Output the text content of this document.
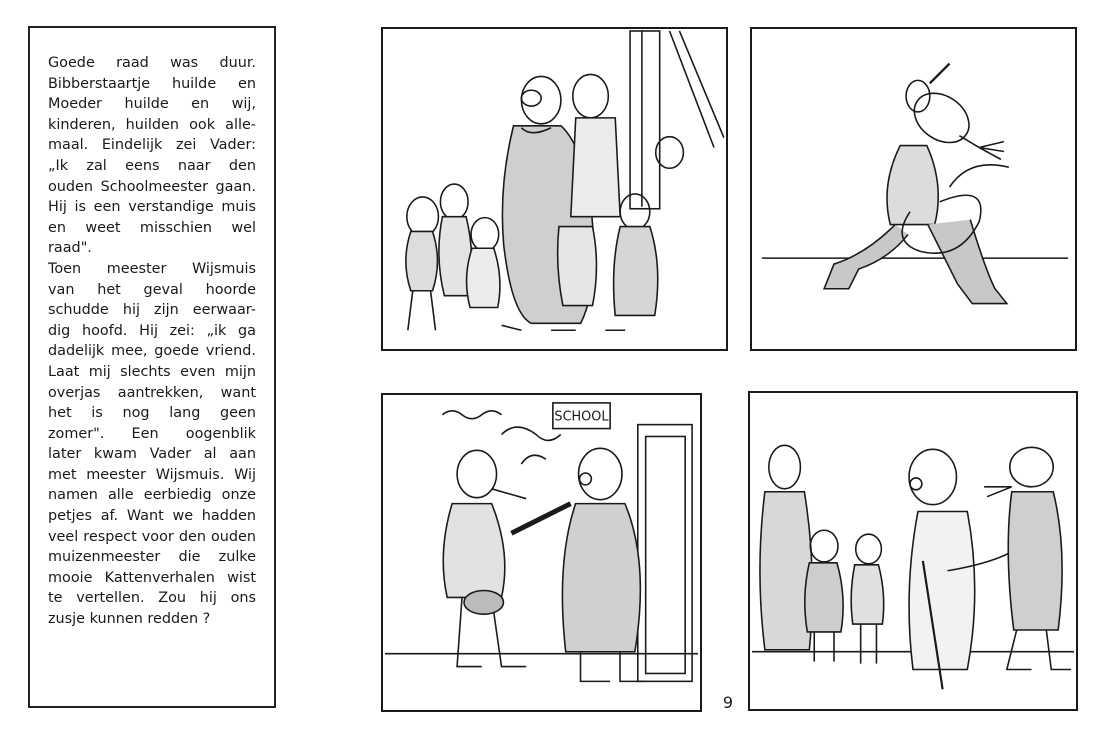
Goede raad was duur.
Bibberstaartje huilde en
Moeder huilde en wij,
kinderen, huilden ook alle-
maal. Eindelijk zei Vader:
„Ik zal eens naar den
ouden Schoolmeester gaan.
Hij is een verstandige muis
en weet misschien wel
raad".
Toen meester Wijsmuis
van het geval hoorde
schudde hij zijn eerwaar-
dig hoofd. Hij zei: „ik ga
dadelijk mee, goede vriend.
Laat mij slechts even mijn
overjas aantrekken, want
het is nog lang geen
zomer". Een oogenblik
later kwam Vader al aan
met meester Wijsmuis. Wij
namen alle eerbiedig onze
petjes af. Want we hadden
veel respect voor den ouden
muizenmeester die zulke
mooie Kattenverhalen wist
te vertellen. Zou hij ons
zusje kunnen redden ?
SCHOOL
9
